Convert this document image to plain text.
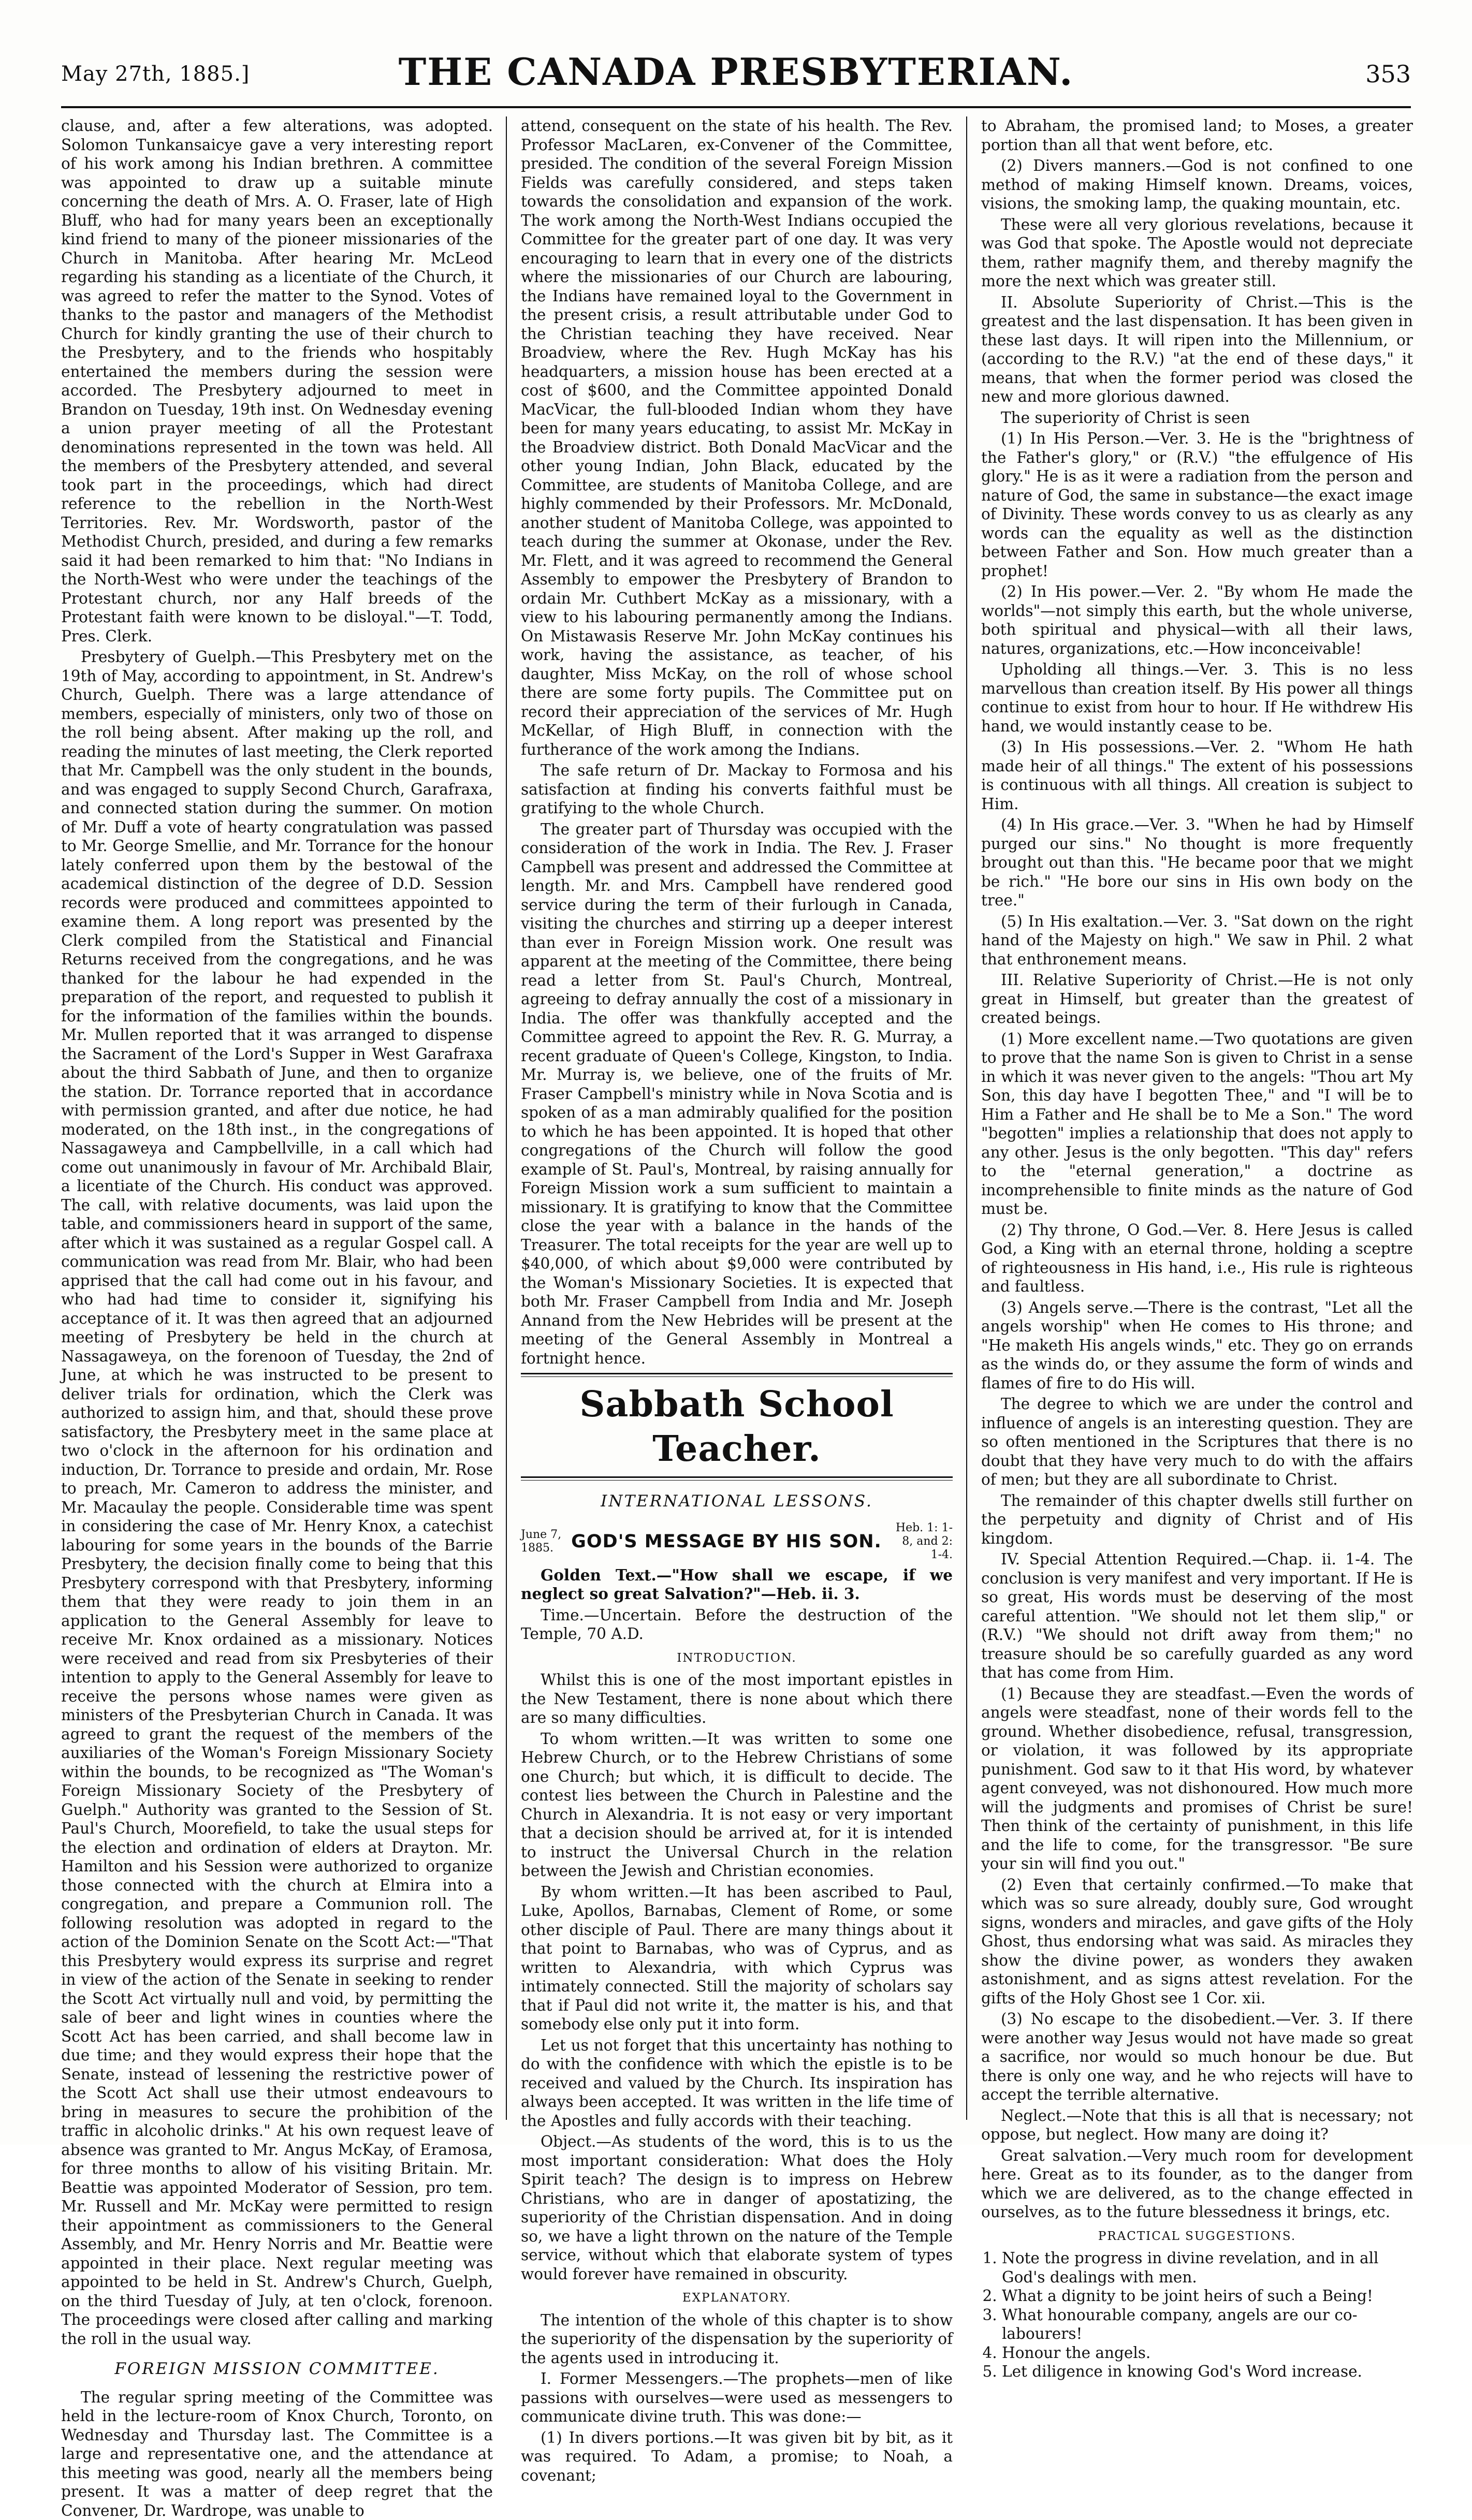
May 27th, 1885.]	THE CANADA PRESBYTERIAN.	353

clause, and, after a few alterations, was adopted. Solomon Tunkansaicye gave a very interesting report of his work among his Indian brethren. A committee was appointed to draw up a suitable minute concerning the death of Mrs. A. O. Fraser, late of High Bluff, who had for many years been an exceptionally kind friend to many of the pioneer missionaries of the Church in Manitoba. After hearing Mr. McLeod regarding his standing as a licentiate of the Church, it was agreed to refer the matter to the Synod. Votes of thanks to the pastor and managers of the Methodist Church for kindly granting the use of their church to the Presbytery, and to the friends who hospitably entertained the members during the session were accorded. The Presbytery adjourned to meet in Brandon on Tuesday, 19th inst. On Wednesday evening a union prayer meeting of all the Protestant denominations represented in the town was held. All the members of the Presbytery attended, and several took part in the proceedings, which had direct reference to the rebellion in the North-West Territories. Rev. Mr. Wordsworth, pastor of the Methodist Church, presided, and during a few remarks said it had been remarked to him that: "No Indians in the North-West who were under the teachings of the Protestant church, nor any Half breeds of the Protestant faith were known to be disloyal."—T. Todd, Pres. Clerk.

Presbytery of Guelph.—This Presbytery met on the 19th of May, according to appointment, in St. Andrew's Church, Guelph. There was a large attendance of members, especially of ministers, only two of those on the roll being absent. After making up the roll, and reading the minutes of last meeting, the Clerk reported that Mr. Campbell was the only student in the bounds, and was engaged to supply Second Church, Garafraxa, and connected station during the summer. On motion of Mr. Duff a vote of hearty congratulation was passed to Mr. George Smellie, and Mr. Torrance for the honour lately conferred upon them by the bestowal of the academical distinction of the degree of D.D. Session records were produced and committees appointed to examine them. A long report was presented by the Clerk compiled from the Statistical and Financial Returns received from the congregations, and he was thanked for the labour he had expended in the preparation of the report, and requested to publish it for the information of the families within the bounds. Mr. Mullen reported that it was arranged to dispense the Sacrament of the Lord's Supper in West Garafraxa about the third Sabbath of June, and then to organize the station. Dr. Torrance reported that in accordance with permission granted, and after due notice, he had moderated, on the 18th inst., in the congregations of Nassagaweya and Campbellville, in a call which had come out unanimously in favour of Mr. Archibald Blair, a licentiate of the Church. His conduct was approved. The call, with relative documents, was laid upon the table, and commissioners heard in support of the same, after which it was sustained as a regular Gospel call. A communication was read from Mr. Blair, who had been apprised that the call had come out in his favour, and who had had time to consider it, signifying his acceptance of it. It was then agreed that an adjourned meeting of Presbytery be held in the church at Nassagaweya, on the forenoon of Tuesday, the 2nd of June, at which he was instructed to be present to deliver trials for ordination, which the Clerk was authorized to assign him, and that, should these prove satisfactory, the Presbytery meet in the same place at two o'clock in the afternoon for his ordination and induction, Dr. Torrance to preside and ordain, Mr. Rose to preach, Mr. Cameron to address the minister, and Mr. Macaulay the people. Considerable time was spent in considering the case of Mr. Henry Knox, a catechist labouring for some years in the bounds of the Barrie Presbytery, the decision finally come to being that this Presbytery correspond with that Presbytery, informing them that they were ready to join them in an application to the General Assembly for leave to receive Mr. Knox ordained as a missionary. Notices were received and read from six Presbyteries of their intention to apply to the General Assembly for leave to receive the persons whose names were given as ministers of the Presbyterian Church in Canada. It was agreed to grant the request of the members of the auxiliaries of the Woman's Foreign Missionary Society within the bounds, to be recognized as "The Woman's Foreign Missionary Society of the Presbytery of Guelph." Authority was granted to the Session of St. Paul's Church, Moorefield, to take the usual steps for the election and ordination of elders at Drayton. Mr. Hamilton and his Session were authorized to organize those connected with the church at Elmira into a congregation, and prepare a Communion roll. The following resolution was adopted in regard to the action of the Dominion Senate on the Scott Act:—"That this Presbytery would express its surprise and regret in view of the action of the Senate in seeking to render the Scott Act virtually null and void, by permitting the sale of beer and light wines in counties where the Scott Act has been carried, and shall become law in due time; and they would express their hope that the Senate, instead of lessening the restrictive power of the Scott Act shall use their utmost endeavours to bring in measures to secure the prohibition of the traffic in alcoholic drinks." At his own request leave of absence was granted to Mr. Angus McKay, of Eramosa, for three months to allow of his visiting Britain. Mr. Beattie was appointed Moderator of Session, pro tem. Mr. Russell and Mr. McKay were permitted to resign their appointment as commissioners to the General Assembly, and Mr. Henry Norris and Mr. Beattie were appointed in their place. Next regular meeting was appointed to be held in St. Andrew's Church, Guelph, on the third Tuesday of July, at ten o'clock, forenoon. The proceedings were closed after calling and marking the roll in the usual way.

FOREIGN MISSION COMMITTEE.

The regular spring meeting of the Committee was held in the lecture-room of Knox Church, Toronto, on Wednesday and Thursday last. The Committee is a large and representative one, and the attendance at this meeting was good, nearly all the members being present. It was a matter of deep regret that the Convener, Dr. Wardrope, was unable to

attend, consequent on the state of his health. The Rev. Professor MacLaren, ex-Convener of the Committee, presided. The condition of the several Foreign Mission Fields was carefully considered, and steps taken towards the consolidation and expansion of the work. The work among the North-West Indians occupied the Committee for the greater part of one day. It was very encouraging to learn that in every one of the districts where the missionaries of our Church are labouring, the Indians have remained loyal to the Government in the present crisis, a result attributable under God to the Christian teaching they have received. Near Broadview, where the Rev. Hugh McKay has his headquarters, a mission house has been erected at a cost of $600, and the Committee appointed Donald MacVicar, the full-blooded Indian whom they have been for many years educating, to assist Mr. McKay in the Broadview district. Both Donald MacVicar and the other young Indian, John Black, educated by the Committee, are students of Manitoba College, and are highly commended by their Professors. Mr. McDonald, another student of Manitoba College, was appointed to teach during the summer at Okonase, under the Rev. Mr. Flett, and it was agreed to recommend the General Assembly to empower the Presbytery of Brandon to ordain Mr. Cuthbert McKay as a missionary, with a view to his labouring permanently among the Indians. On Mistawasis Reserve Mr. John McKay continues his work, having the assistance, as teacher, of his daughter, Miss McKay, on the roll of whose school there are some forty pupils. The Committee put on record their appreciation of the services of Mr. Hugh McKellar, of High Bluff, in connection with the furtherance of the work among the Indians.

The safe return of Dr. Mackay to Formosa and his satisfaction at finding his converts faithful must be gratifying to the whole Church.

The greater part of Thursday was occupied with the consideration of the work in India. The Rev. J. Fraser Campbell was present and addressed the Committee at length. Mr. and Mrs. Campbell have rendered good service during the term of their furlough in Canada, visiting the churches and stirring up a deeper interest than ever in Foreign Mission work. One result was apparent at the meeting of the Committee, there being read a letter from St. Paul's Church, Montreal, agreeing to defray annually the cost of a missionary in India. The offer was thankfully accepted and the Committee agreed to appoint the Rev. R. G. Murray, a recent graduate of Queen's College, Kingston, to India. Mr. Murray is, we believe, one of the fruits of Mr. Fraser Campbell's ministry while in Nova Scotia and is spoken of as a man admirably qualified for the position to which he has been appointed. It is hoped that other congregations of the Church will follow the good example of St. Paul's, Montreal, by raising annually for Foreign Mission work a sum sufficient to maintain a missionary. It is gratifying to know that the Committee close the year with a balance in the hands of the Treasurer. The total receipts for the year are well up to $40,000, of which about $9,000 were contributed by the Woman's Missionary Societies. It is expected that both Mr. Fraser Campbell from India and Mr. Joseph Annand from the New Hebrides will be present at the meeting of the General Assembly in Montreal a fortnight hence.

Sabbath School Teacher.

INTERNATIONAL LESSONS.

June 7, 1885. GOD'S MESSAGE BY HIS SON.
Heb. 1: 1-8, and 2: 1-4.

Golden Text.—"How shall we escape, if we neglect so great Salvation?"—Heb. ii. 3.

Time.—Uncertain. Before the destruction of the Temple, 70 A.D.

INTRODUCTION.

Whilst this is one of the most important epistles in the New Testament, there is none about which there are so many difficulties.

To whom written.—It was written to some one Hebrew Church, or to the Hebrew Christians of some one Church; but which, it is difficult to decide. The contest lies between the Church in Palestine and the Church in Alexandria. It is not easy or very important that a decision should be arrived at, for it is intended to instruct the Universal Church in the relation between the Jewish and Christian economies.

By whom written.—It has been ascribed to Paul, Luke, Apollos, Barnabas, Clement of Rome, or some other disciple of Paul. There are many things about it that point to Barnabas, who was of Cyprus, and as written to Alexandria, with which Cyprus was intimately connected. Still the majority of scholars say that if Paul did not write it, the matter is his, and that somebody else only put it into form.

Let us not forget that this uncertainty has nothing to do with the confidence with which the epistle is to be received and valued by the Church. Its inspiration has always been accepted. It was written in the life time of the Apostles and fully accords with their teaching.

Object.—As students of the word, this is to us the most important consideration: What does the Holy Spirit teach? The design is to impress on Hebrew Christians, who are in danger of apostatizing, the superiority of the Christian dispensation. And in doing so, we have a light thrown on the nature of the Temple service, without which that elaborate system of types would forever have remained in obscurity.

EXPLANATORY.

The intention of the whole of this chapter is to show the superiority of the dispensation by the superiority of the agents used in introducing it.

I. Former Messengers.—The prophets—men of like passions with ourselves—were used as messengers to communicate divine truth. This was done:—

(1) In divers portions.—It was given bit by bit, as it was required. To Adam, a promise; to Noah, a covenant;

to Abraham, the promised land; to Moses, a greater portion than all that went before, etc.

(2) Divers manners.—God is not confined to one method of making Himself known. Dreams, voices, visions, the smoking lamp, the quaking mountain, etc.

These were all very glorious revelations, because it was God that spoke. The Apostle would not depreciate them, rather magnify them, and thereby magnify the more the next which was greater still.

II. Absolute Superiority of Christ.—This is the greatest and the last dispensation. It has been given in these last days. It will ripen into the Millennium, or (according to the R.V.) "at the end of these days," it means, that when the former period was closed the new and more glorious dawned.

The superiority of Christ is seen

(1) In His Person.—Ver. 3. He is the "brightness of the Father's glory," or (R.V.) "the effulgence of His glory." He is as it were a radiation from the person and nature of God, the same in substance—the exact image of Divinity. These words convey to us as clearly as any words can the equality as well as the distinction between Father and Son. How much greater than a prophet!

(2) In His power.—Ver. 2. "By whom He made the worlds"—not simply this earth, but the whole universe, both spiritual and physical—with all their laws, natures, organizations, etc.—How inconceivable!

Upholding all things.—Ver. 3. This is no less marvellous than creation itself. By His power all things continue to exist from hour to hour. If He withdrew His hand, we would instantly cease to be.

(3) In His possessions.—Ver. 2. "Whom He hath made heir of all things." The extent of his possessions is continuous with all things. All creation is subject to Him.

(4) In His grace.—Ver. 3. "When he had by Himself purged our sins." No thought is more frequently brought out than this. "He became poor that we might be rich." "He bore our sins in His own body on the tree."

(5) In His exaltation.—Ver. 3. "Sat down on the right hand of the Majesty on high." We saw in Phil. 2 what that enthronement means.

III. Relative Superiority of Christ.—He is not only great in Himself, but greater than the greatest of created beings.

(1) More excellent name.—Two quotations are given to prove that the name Son is given to Christ in a sense in which it was never given to the angels: "Thou art My Son, this day have I begotten Thee," and "I will be to Him a Father and He shall be to Me a Son." The word "begotten" implies a relationship that does not apply to any other. Jesus is the only begotten. "This day" refers to the "eternal generation," a doctrine as incomprehensible to finite minds as the nature of God must be.

(2) Thy throne, O God.—Ver. 8. Here Jesus is called God, a King with an eternal throne, holding a sceptre of righteousness in His hand, i.e., His rule is righteous and faultless.

(3) Angels serve.—There is the contrast, "Let all the angels worship" when He comes to His throne; and "He maketh His angels winds," etc. They go on errands as the winds do, or they assume the form of winds and flames of fire to do His will.

The degree to which we are under the control and influence of angels is an interesting question. They are so often mentioned in the Scriptures that there is no doubt that they have very much to do with the affairs of men; but they are all subordinate to Christ.

The remainder of this chapter dwells still further on the perpetuity and dignity of Christ and of His kingdom.

IV. Special Attention Required.—Chap. ii. 1-4. The conclusion is very manifest and very important. If He is so great, His words must be deserving of the most careful attention. "We should not let them slip," or (R.V.) "We should not drift away from them;" no treasure should be so carefully guarded as any word that has come from Him.

(1) Because they are steadfast.—Even the words of angels were steadfast, none of their words fell to the ground. Whether disobedience, refusal, transgression, or violation, it was followed by its appropriate punishment. God saw to it that His word, by whatever agent conveyed, was not dishonoured. How much more will the judgments and promises of Christ be sure! Then think of the certainty of punishment, in this life and the life to come, for the transgressor. "Be sure your sin will find you out."

(2) Even that certainly confirmed.—To make that which was so sure already, doubly sure, God wrought signs, wonders and miracles, and gave gifts of the Holy Ghost, thus endorsing what was said. As miracles they show the divine power, as wonders they awaken astonishment, and as signs attest revelation. For the gifts of the Holy Ghost see 1 Cor. xii.

(3) No escape to the disobedient.—Ver. 3. If there were another way Jesus would not have made so great a sacrifice, nor would so much honour be due. But there is only one way, and he who rejects will have to accept the terrible alternative.

Neglect.—Note that this is all that is necessary; not oppose, but neglect. How many are doing it?

Great salvation.—Very much room for development here. Great as to its founder, as to the danger from which we are delivered, as to the change effected in ourselves, as to the future blessedness it brings, etc.

PRACTICAL SUGGESTIONS.

1. Note the progress in divine revelation, and in all God's dealings with men.
2. What a dignity to be joint heirs of such a Being!
3. What honourable company, angels are our co-labourers!
4. Honour the angels.
5. Let diligence in knowing God's Word increase.
